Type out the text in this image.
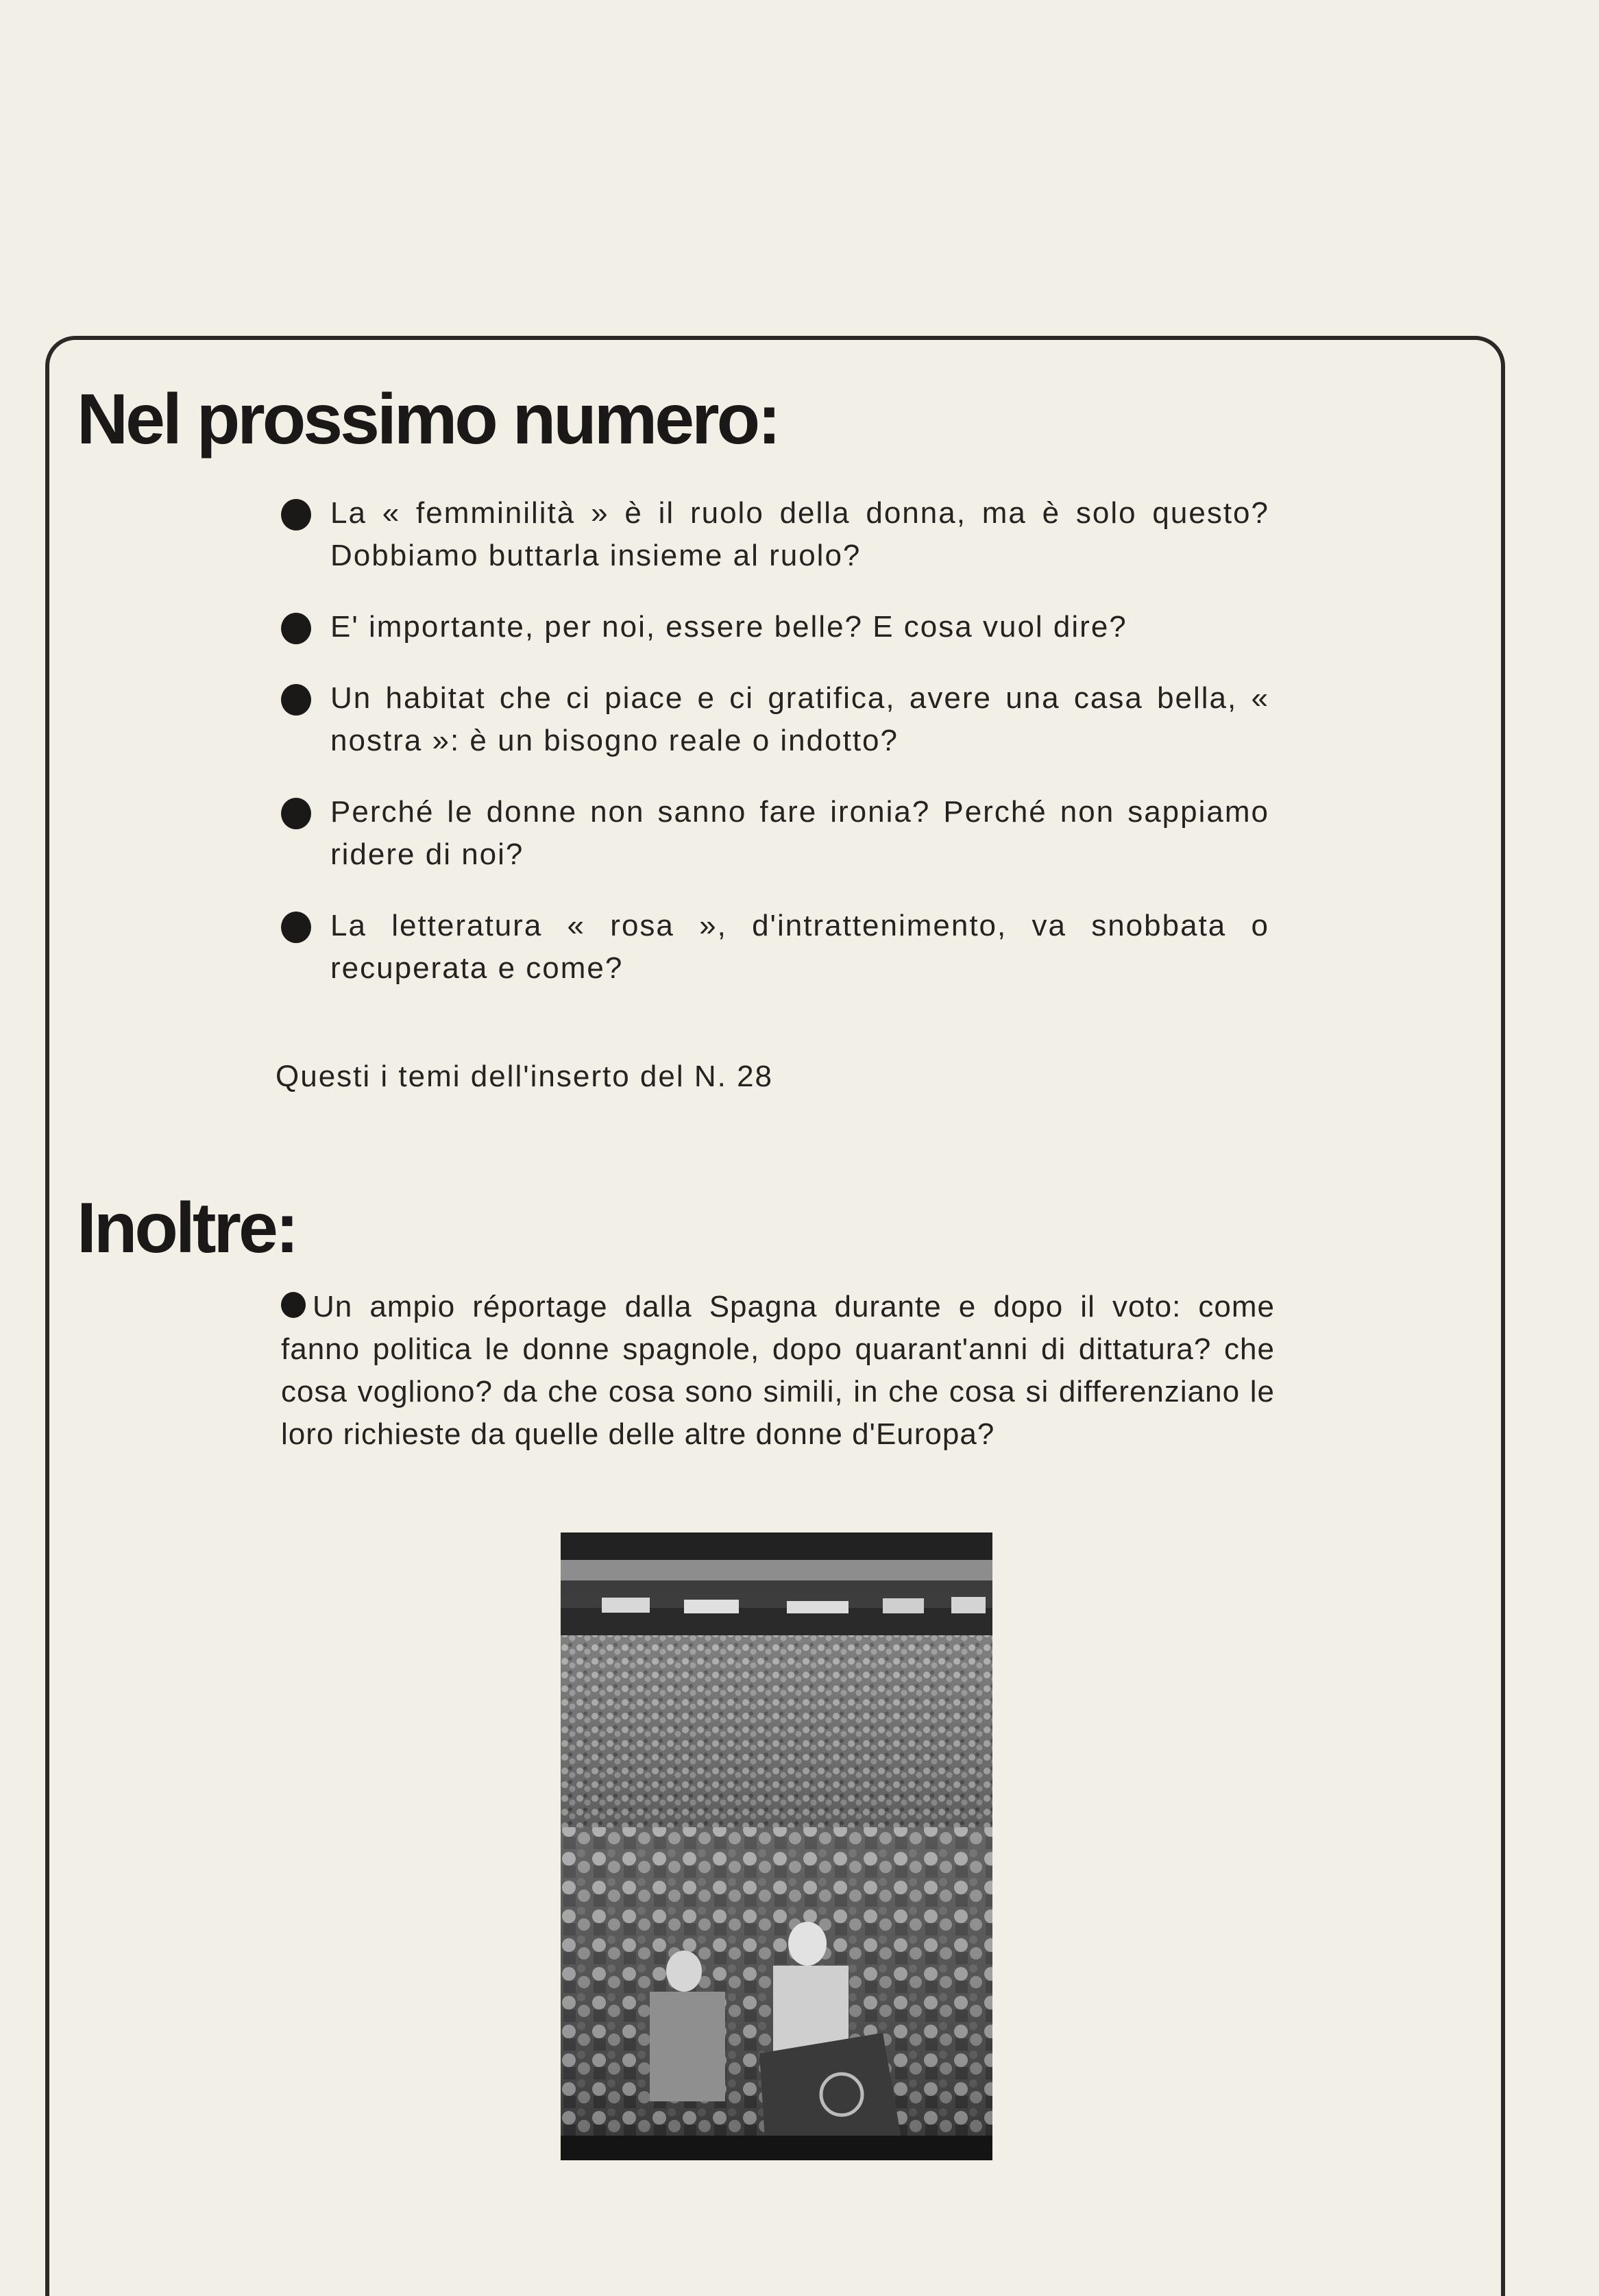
Nel prossimo numero:
La « femminilità » è il ruolo della donna, ma è solo questo? Dobbiamo buttarla insieme al ruolo?
E' importante, per noi, essere belle? E cosa vuol dire?
Un habitat che ci piace e ci gratifica, avere una casa bella, « nostra »: è un bisogno reale o indotto?
Perché le donne non sanno fare ironia? Perché non sappiamo ridere di noi?
La letteratura « rosa », d'intrattenimento, va snobbata o recuperata e come?

Questi i temi dell'inserto del N. 28

Inoltre:

Un ampio réportage dalla Spagna durante e dopo il voto: come fanno politica le donne spagnole, dopo quarant'anni di dittatura? che cosa vogliono? da che cosa sono simili, in che cosa si differenziano le loro richieste da quelle delle altre donne d'Europa?
